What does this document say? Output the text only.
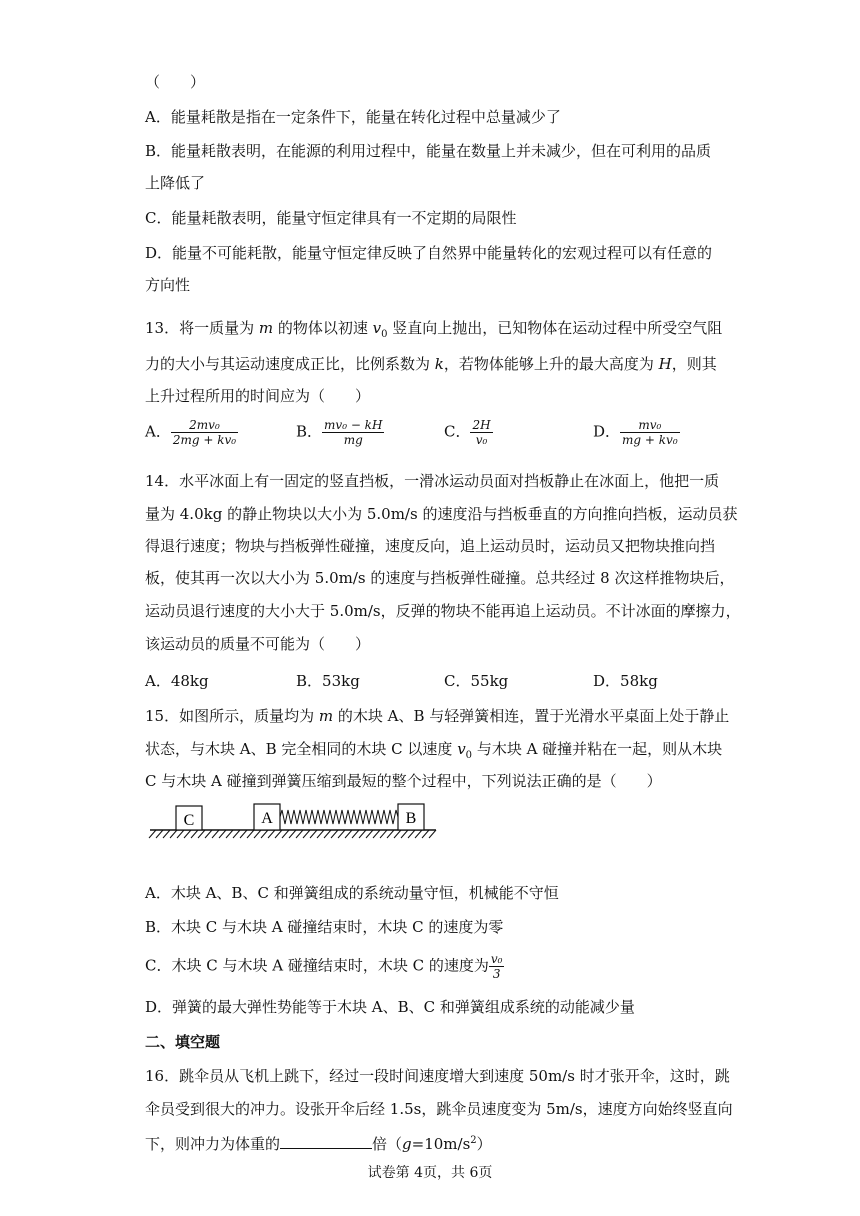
（　　）
A．能量耗散是指在一定条件下，能量在转化过程中总量减少了
B．能量耗散表明，在能源的利用过程中，能量在数量上并未减少，但在可利用的品质
上降低了
C．能量耗散表明，能量守恒定律具有一不定期的局限性
D．能量不可能耗散，能量守恒定律反映了自然界中能量转化的宏观过程可以有任意的
方向性
13．将一质量为 m 的物体以初速 $v_0$ 竖直向上抛出，已知物体在运动过程中所受空气阻
力的大小与其运动速度成正比，比例系数为 k，若物体能够上升的最大高度为 H，则其
上升过程所用的时间应为（　　）
A． $\frac{\text{2mv₀}}{\text{2mg + kv₀}}$	B． $\frac{\text{mv₀ − kH}}{mg}$	C． $\frac{2H}{\text{v₀}}$	D． $\frac{\text{mv₀}}{\text{mg + kv₀}}$
14．水平冰面上有一固定的竖直挡板，一滑冰运动员面对挡板静止在冰面上，他把一质
量为 4.0kg 的静止物块以大小为 5.0m/s 的速度沿与挡板垂直的方向推向挡板，运动员获
得退行速度；物块与挡板弹性碰撞，速度反向，追上运动员时，运动员又把物块推向挡
板，使其再一次以大小为 5.0m/s 的速度与挡板弹性碰撞。总共经过 8 次这样推物块后，
运动员退行速度的大小大于 5.0m/s，反弹的物块不能再追上运动员。不计冰面的摩擦力，
该运动员的质量不可能为（　　）
A．48kg	B．53kg	C．55kg	D．58kg
15．如图所示，质量均为 m 的木块 A、B 与轻弹簧相连，置于光滑水平桌面上处于静止
状态，与木块 A、B 完全相同的木块 C 以速度 $v_0$ 与木块 A 碰撞并粘在一起，则从木块
C 与木块 A 碰撞到弹簧压缩到最短的整个过程中，下列说法正确的是（　　）
C	A	B
A．木块 A、B、C 和弹簧组成的系统动量守恒，机械能不守恒
B．木块 C 与木块 A 碰撞结束时，木块 C 的速度为零
C．木块 C 与木块 A 碰撞结束时，木块 C 的速度为 $\frac{\text{v₀}}{3}$
D．弹簧的最大弹性势能等于木块 A、B、C 和弹簧组成系统的动能减少量
二、填空题
16．跳伞员从飞机上跳下，经过一段时间速度增大到速度 50m/s 时才张开伞，这时，跳
伞员受到很大的冲力。设张开伞后经 1.5s，跳伞员速度变为 5m/s，速度方向始终竖直向
下，则冲力为体重的	倍$(g=10m/s^2)$
试卷第 4页，共 6页
